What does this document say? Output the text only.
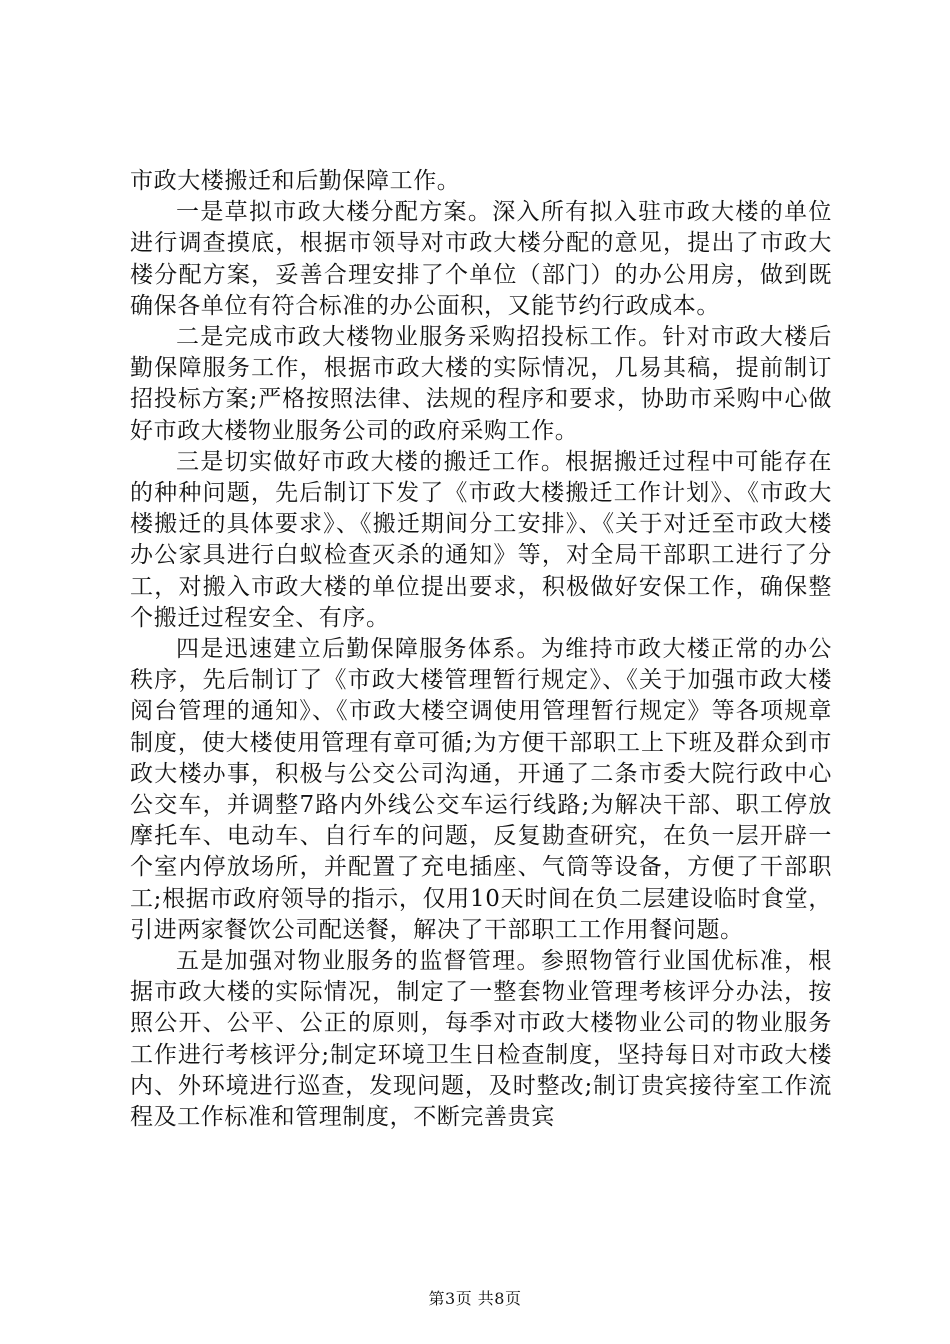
市政大楼搬迁和后勤保障工作。

一是草拟市政大楼分配方案。深入所有拟入驻市政大楼的单位进行调查摸底，根据市领导对市政大楼分配的意见，提出了市政大楼分配方案，妥善合理安排了个单位（部门）的办公用房，做到既确保各单位有符合标准的办公面积，又能节约行政成本。

二是完成市政大楼物业服务采购招投标工作。针对市政大楼后勤保障服务工作，根据市政大楼的实际情况，几易其稿，提前制订招投标方案;严格按照法律、法规的程序和要求，协助市采购中心做好市政大楼物业服务公司的政府采购工作。

三是切实做好市政大楼的搬迁工作。根据搬迁过程中可能存在的种种问题，先后制订下发了《市政大楼搬迁工作计划》、《市政大楼搬迁的具体要求》、《搬迁期间分工安排》、《关于对迁至市政大楼办公家具进行白蚁检查灭杀的通知》等，对全局干部职工进行了分工，对搬入市政大楼的单位提出要求，积极做好安保工作，确保整个搬迁过程安全、有序。

四是迅速建立后勤保障服务体系。为维持市政大楼正常的办公秩序，先后制订了《市政大楼管理暂行规定》、《关于加强市政大楼阅台管理的通知》、《市政大楼空调使用管理暂行规定》等各项规章制度，使大楼使用管理有章可循;为方便干部职工上下班及群众到市政大楼办事，积极与公交公司沟通，开通了二条市委大院行政中心公交车，并调整7路内外线公交车运行线路;为解决干部、职工停放摩托车、电动车、自行车的问题，反复勘查研究，在负一层开辟一个室内停放场所，并配置了充电插座、气筒等设备，方便了干部职工;根据市政府领导的指示，仅用10天时间在负二层建设临时食堂，引进两家餐饮公司配送餐，解决了干部职工工作用餐问题。

五是加强对物业服务的监督管理。参照物管行业国优标准，根据市政大楼的实际情况，制定了一整套物业管理考核评分办法，按照公开、公平、公正的原则，每季对市政大楼物业公司的物业服务工作进行考核评分;制定环境卫生日检查制度，坚持每日对市政大楼内、外环境进行巡查，发现问题，及时整改;制订贵宾接待室工作流程及工作标准和管理制度，不断完善贵宾

第3页 共8页
